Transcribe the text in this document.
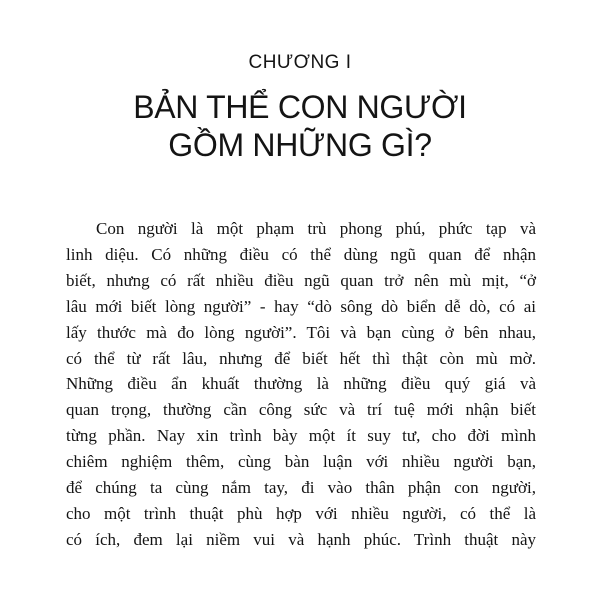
CHƯƠNG I
BẢN THỂ CON NGƯỜI
GỒM NHỮNG GÌ?
Con người là một phạm trù phong phú, phức tạp và
linh diệu. Có những điều có thể dùng ngũ quan để nhận
biết, nhưng có rất nhiều điều ngũ quan trở nên mù mịt, “ở
lâu mới biết lòng người” - hay “dò sông dò biển dễ dò, có ai
lấy thước mà đo lòng người”. Tôi và bạn cùng ở bên nhau,
có thể từ rất lâu, nhưng để biết hết thì thật còn mù mờ.
Những điều ẩn khuất thường là những điều quý giá và
quan trọng, thường cần công sức và trí tuệ mới nhận biết
từng phần. Nay xin trình bày một ít suy tư, cho đời mình
chiêm nghiệm thêm, cùng bàn luận với nhiều người bạn,
để chúng ta cùng nắm tay, đi vào thân phận con người,
cho một trình thuật phù hợp với nhiều người, có thể là
có ích, đem lại niềm vui và hạnh phúc. Trình thuật này
